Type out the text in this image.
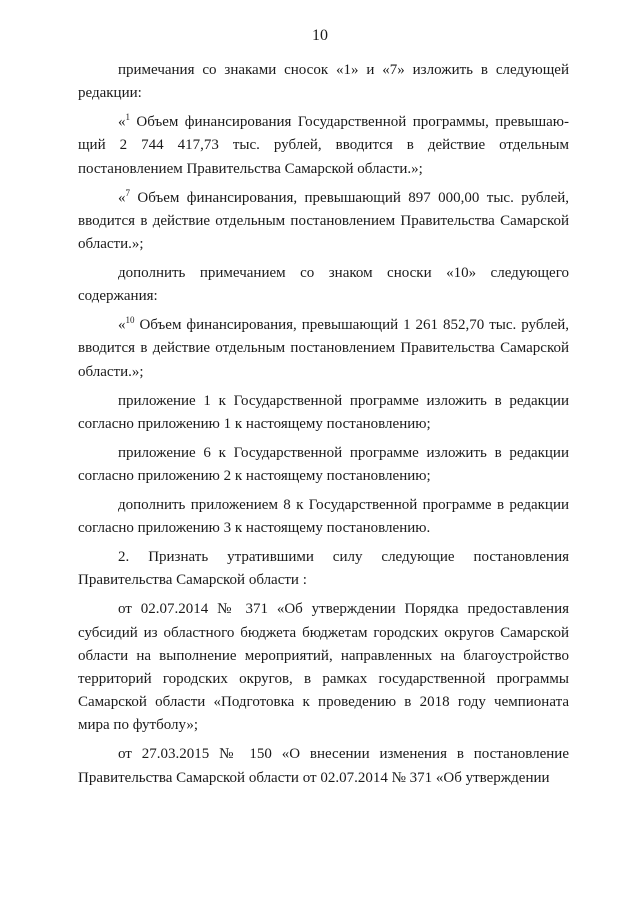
10

примечания со знаками сносок «1» и «7» изложить в следующей
редакции:

«$^1$ Объем финансирования Государственной программы, превышаю-
щий 2 744 417,73 тыс. рублей, вводится в действие отдельным
постановлением Правительства Самарской области.»;

«$^7$ Объем финансирования, превышающий 897 000,00 тыс. рублей,
вводится в действие отдельным постановлением Правительства Самарской
области.»;

дополнить примечанием со знаком сноски «10» следующего
содержания:

«$^{10}$ Объем финансирования, превышающий 1 261 852,70 тыс. рублей,
вводится в действие отдельным постановлением Правительства Самарской
области.»;

приложение 1 к Государственной программе изложить в редакции
согласно приложению 1 к настоящему постановлению;

приложение 6 к Государственной программе изложить в редакции
согласно приложению 2 к настоящему постановлению;

дополнить приложением 8 к Государственной программе в редакции
согласно приложению 3 к настоящему постановлению.

2. Признать утратившими силу следующие постановления
Правительства Самарской области :

от 02.07.2014 № 371 «Об утверждении Порядка предоставления
субсидий из областного бюджета бюджетам городских округов Самарской
области на выполнение мероприятий, направленных на благоустройство
территорий городских округов, в рамках государственной программы
Самарской области «Подготовка к проведению в 2018 году чемпионата
мира по футболу»;

от 27.03.2015 № 150 «О внесении изменения в постановление
Правительства Самарской области от 02.07.2014 № 371 «Об утверждении
